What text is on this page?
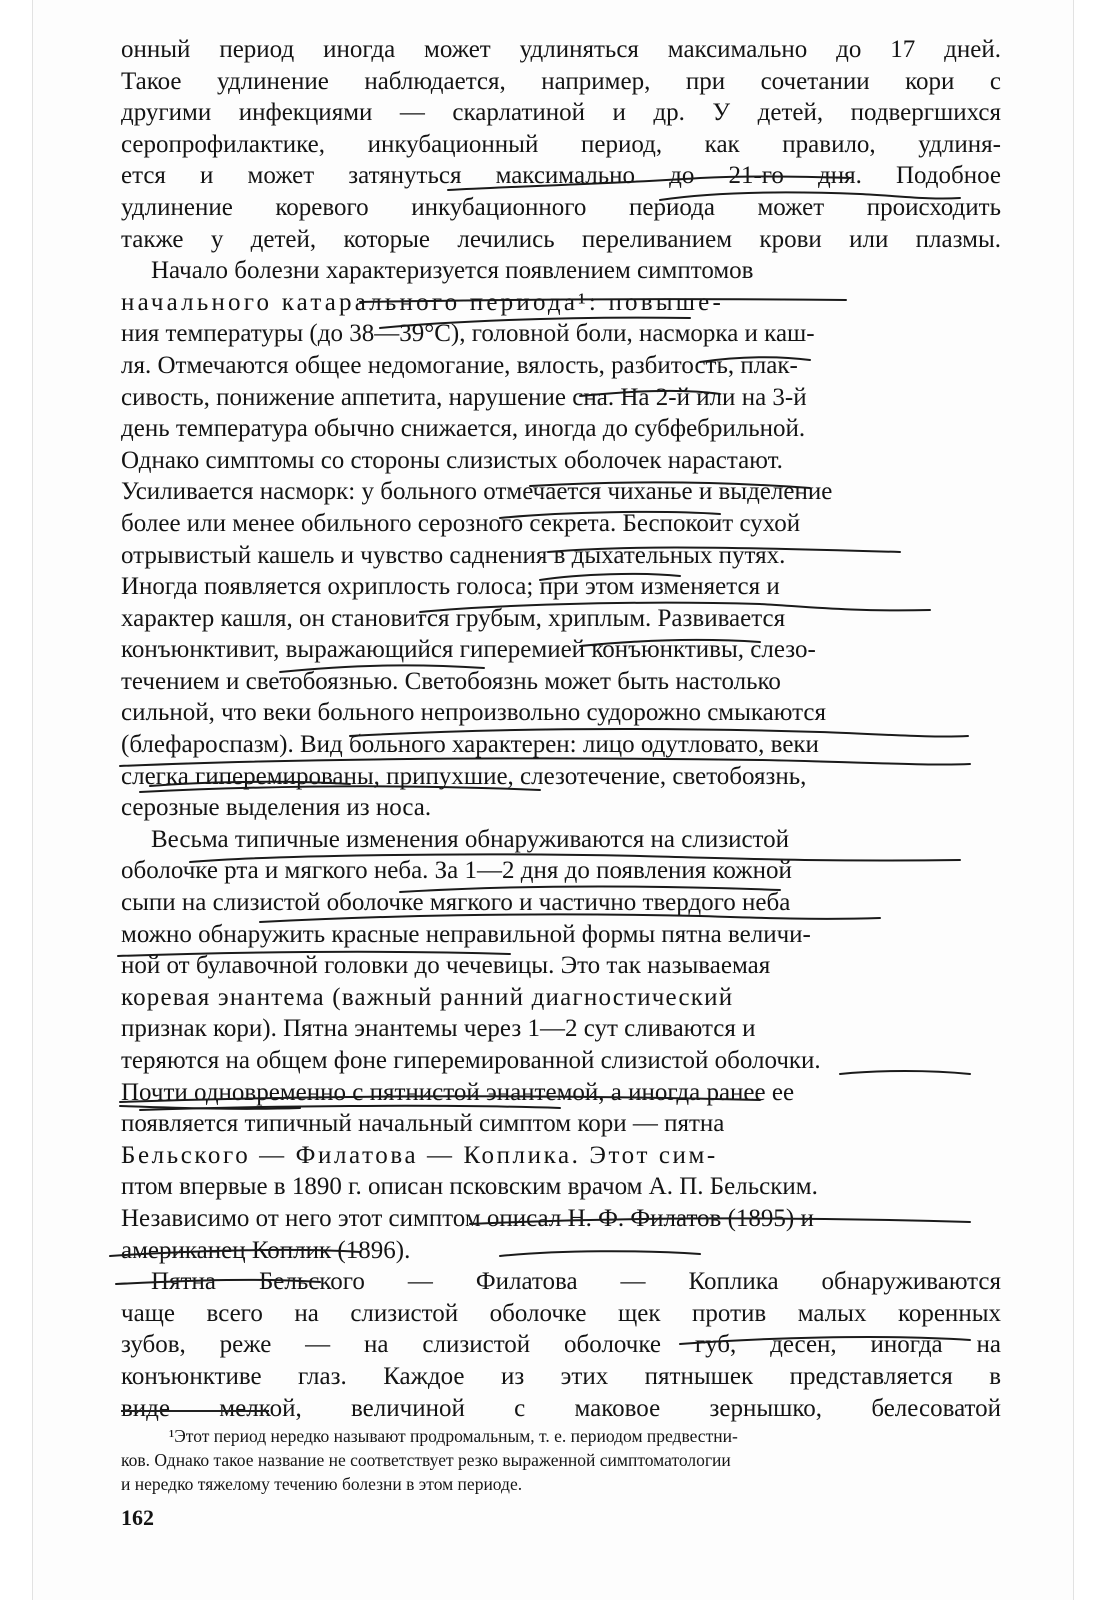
онный период иногда может удлиняться максимально до 17 дней.
Такое удлинение наблюдается, например, при сочетании кори с
другими инфекциями — скарлатиной и др. У детей, подвергшихся
серопрофилактике, инкубационный период, как правило, удлиня-
ется и может затянуться максимально до 21-го дня. Подобное
удлинение коревого инкубационного периода может происходить
также у детей, которые лечились переливанием крови или плазмы.

Начало болезни характеризуется появлением симптомов
начального катарального периода¹: повыше-
ния температуры (до 38—39°С), головной боли, насморка и каш-
ля. Отмечаются общее недомогание, вялость, разбитость, плак-
сивость, понижение аппетита, нарушение сна. На 2-й или на 3-й
день температура обычно снижается, иногда до субфебрильной.
Однако симптомы со стороны слизистых оболочек нарастают.
Усиливается насморк: у больного отмечается чиханье и выделение
более или менее обильного серозного секрета. Беспокоит сухой
отрывистый кашель и чувство саднения в дыхательных путях.
Иногда появляется охриплость голоса; при этом изменяется и
характер кашля, он становится грубым, хриплым. Развивается
конъюнктивит, выражающийся гиперемией конъюнктивы, слезо-
течением и светобоязнью. Светобоязнь может быть настолько
сильной, что веки больного непроизвольно судорожно смыкаются
(блефароспазм). Вид больного характерен: лицо одутловато, веки
слегка гиперемированы, припухшие, слезотечение, светобоязнь,
серозные выделения из носа.

Весьма типичные изменения обнаруживаются на слизистой
оболочке рта и мягкого неба. За 1—2 дня до появления кожной
сыпи на слизистой оболочке мягкого и частично твердого неба
можно обнаружить красные неправильной формы пятна величи-
ной от булавочной головки до чечевицы. Это так называемая
коревая энантема (важный ранний диагностический
признак кори). Пятна энантемы через 1—2 сут сливаются и
теряются на общем фоне гиперемированной слизистой оболочки.
Почти одновременно с пятнистой энантемой, а иногда ранее ее
появляется типичный начальный симптом кори — пятна
Бельского — Филатова — Коплика. Этот сим-
птом впервые в 1890 г. описан псковским врачом А. П. Бельским.
Независимо от него этот симптом описал Н. Ф. Филатов (1895) и
американец Коплик (1896).

Пятна Бельского — Филатова — Коплика обнаруживаются
чаще всего на слизистой оболочке щек против малых коренных
зубов, реже — на слизистой оболочке губ, десен, иногда на
конъюнктиве глаз. Каждое из этих пятнышек представляется в
виде мелкой, величиной с маковое зернышко, белесоватой

¹Этот период нередко называют продромальным, т. е. периодом предвестни-
ков. Однако такое название не соответствует резко выраженной симптоматологии
и нередко тяжелому течению болезни в этом периоде.
162
